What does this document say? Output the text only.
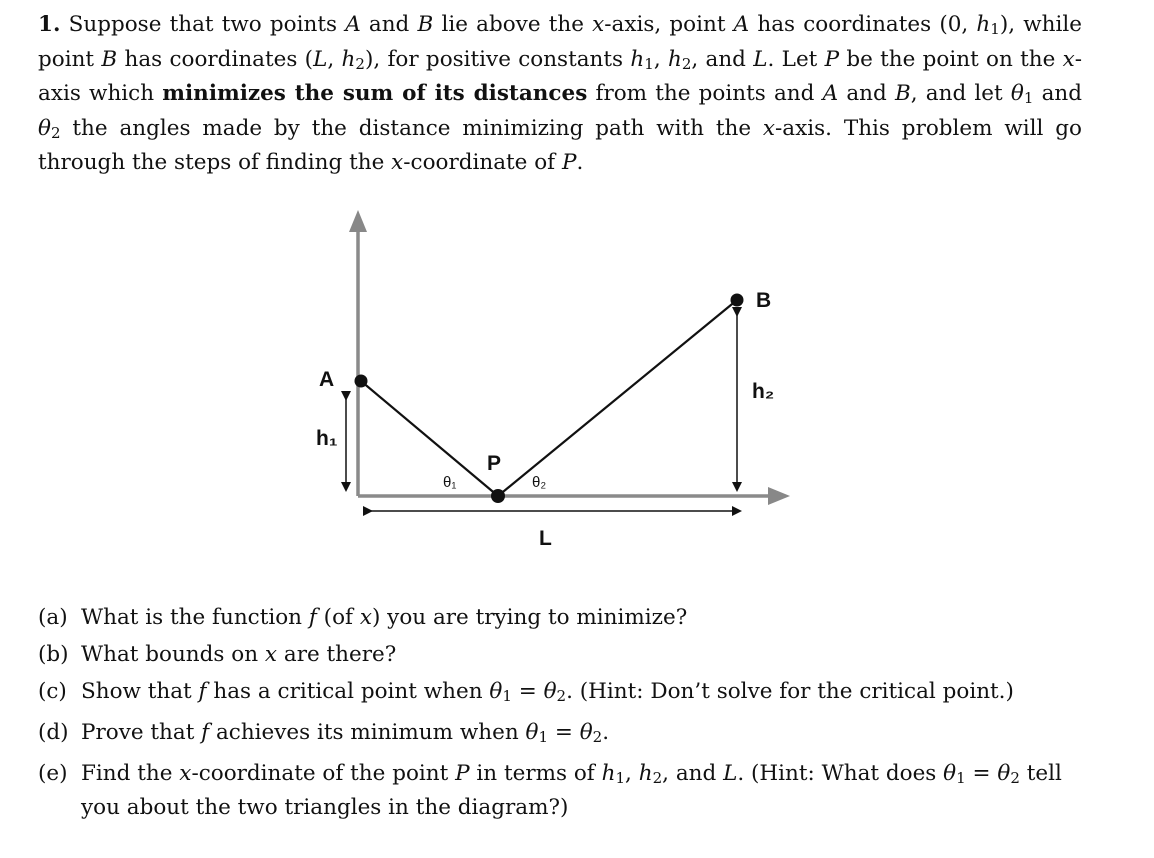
1. Suppose that two points A and B lie above the x-axis, point A has coordinates (0, h1), while point B has coordinates (L, h2), for positive constants h1, h2, and L. Let P be the point on the x-axis which minimizes the sum of its distances from the points and A and B, and let θ1 and θ2 the angles made by the distance minimizing path with the x-axis. This problem will go through the steps of finding the x-coordinate of P.
A
B
P
L
h₁
h₂
θ₁	θ₂
(a) What is the function f (of x) you are trying to minimize?
(b) What bounds on x are there?
(c) Show that f has a critical point when θ1 = θ2. (Hint: Don’t solve for the critical point.)
(d) Prove that f achieves its minimum when θ1 = θ2.
(e) Find the x-coordinate of the point P in terms of h1, h2, and L. (Hint: What does θ1 = θ2 tell you about the two triangles in the diagram?)
